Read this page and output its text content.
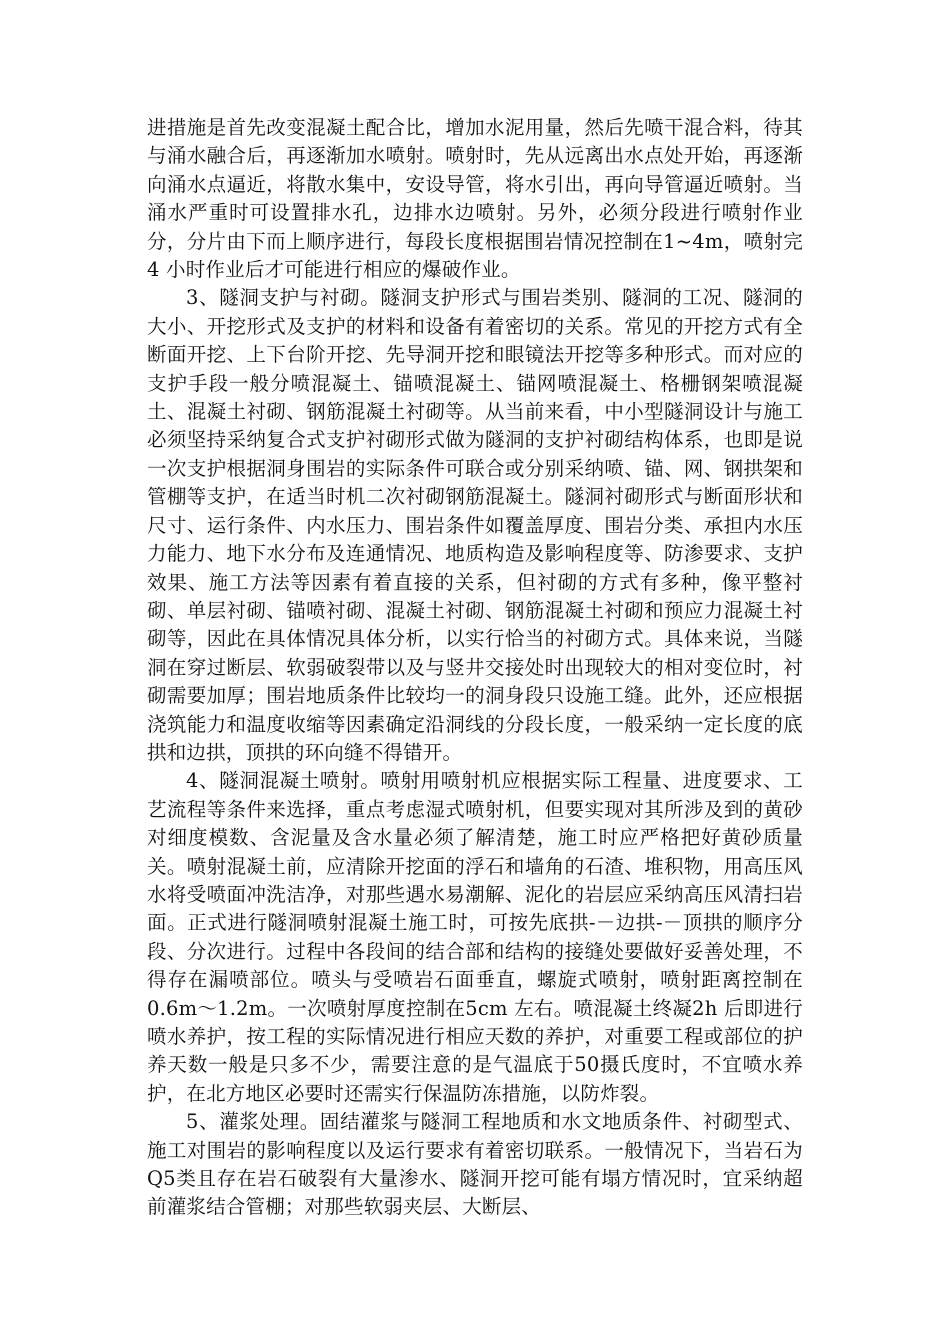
进措施是首先改变混凝土配合比，增加水泥用量，然后先喷干混合料，待其与涌水融合后，再逐渐加水喷射。喷射时，先从远离出水点处开始，再逐渐向涌水点逼近，将散水集中，安设导管，将水引出，再向导管逼近喷射。当涌水严重时可设置排水孔，边排水边喷射。另外，必须分段进行喷射作业分，分片由下而上顺序进行，每段长度根据围岩情况控制在1~4m，喷射完4 小时作业后才可能进行相应的爆破作业。

3、隧洞支护与衬砌。隧洞支护形式与围岩类别、隧洞的工况、隧洞的大小、开挖形式及支护的材料和设备有着密切的关系。常见的开挖方式有全断面开挖、上下台阶开挖、先导洞开挖和眼镜法开挖等多种形式。而对应的支护手段一般分喷混凝土、锚喷混凝土、锚网喷混凝土、格栅钢架喷混凝土、混凝土衬砌、钢筋混凝土衬砌等。从当前来看，中小型隧洞设计与施工必须坚持采纳复合式支护衬砌形式做为隧洞的支护衬砌结构体系，也即是说一次支护根据洞身围岩的实际条件可联合或分别采纳喷、锚、网、钢拱架和管棚等支护，在适当时机二次衬砌钢筋混凝土。隧洞衬砌形式与断面形状和尺寸、运行条件、内水压力、围岩条件如覆盖厚度、围岩分类、承担内水压力能力、地下水分布及连通情况、地质构造及影响程度等、防渗要求、支护效果、施工方法等因素有着直接的关系，但衬砌的方式有多种，像平整衬砌、单层衬砌、锚喷衬砌、混凝土衬砌、钢筋混凝土衬砌和预应力混凝土衬砌等，因此在具体情况具体分析，以实行恰当的衬砌方式。具体来说，当隧洞在穿过断层、软弱破裂带以及与竖井交接处时出现较大的相对变位时，衬砌需要加厚；围岩地质条件比较均一的洞身段只设施工缝。此外，还应根据浇筑能力和温度收缩等因素确定沿洞线的分段长度，一般采纳一定长度的底拱和边拱，顶拱的环向缝不得错开。

4、隧洞混凝土喷射。喷射用喷射机应根据实际工程量、进度要求、工艺流程等条件来选择，重点考虑湿式喷射机，但要实现对其所涉及到的黄砂对细度模数、含泥量及含水量必须了解清楚，施工时应严格把好黄砂质量关。喷射混凝土前，应清除开挖面的浮石和墙角的石渣、堆积物，用高压风水将受喷面冲洗洁净，对那些遇水易潮解、泥化的岩层应采纳高压风清扫岩面。正式进行隧洞喷射混凝土施工时，可按先底拱-－边拱-－顶拱的顺序分段、分次进行。过程中各段间的结合部和结构的接缝处要做好妥善处理，不得存在漏喷部位。喷头与受喷岩石面垂直，螺旋式喷射，喷射距离控制在0.6m～1.2m。一次喷射厚度控制在5cm 左右。喷混凝土终凝2h 后即进行喷水养护，按工程的实际情况进行相应天数的养护，对重要工程或部位的护养天数一般是只多不少，需要注意的是气温底于50摄氏度时，不宜喷水养护，在北方地区必要时还需实行保温防冻措施，以防炸裂。

5、灌浆处理。固结灌浆与隧洞工程地质和水文地质条件、衬砌型式、施工对围岩的影响程度以及运行要求有着密切联系。一般情况下，当岩石为Q5类且存在岩石破裂有大量渗水、隧洞开挖可能有塌方情况时，宜采纳超前灌浆结合管棚；对那些软弱夹层、大断层、
